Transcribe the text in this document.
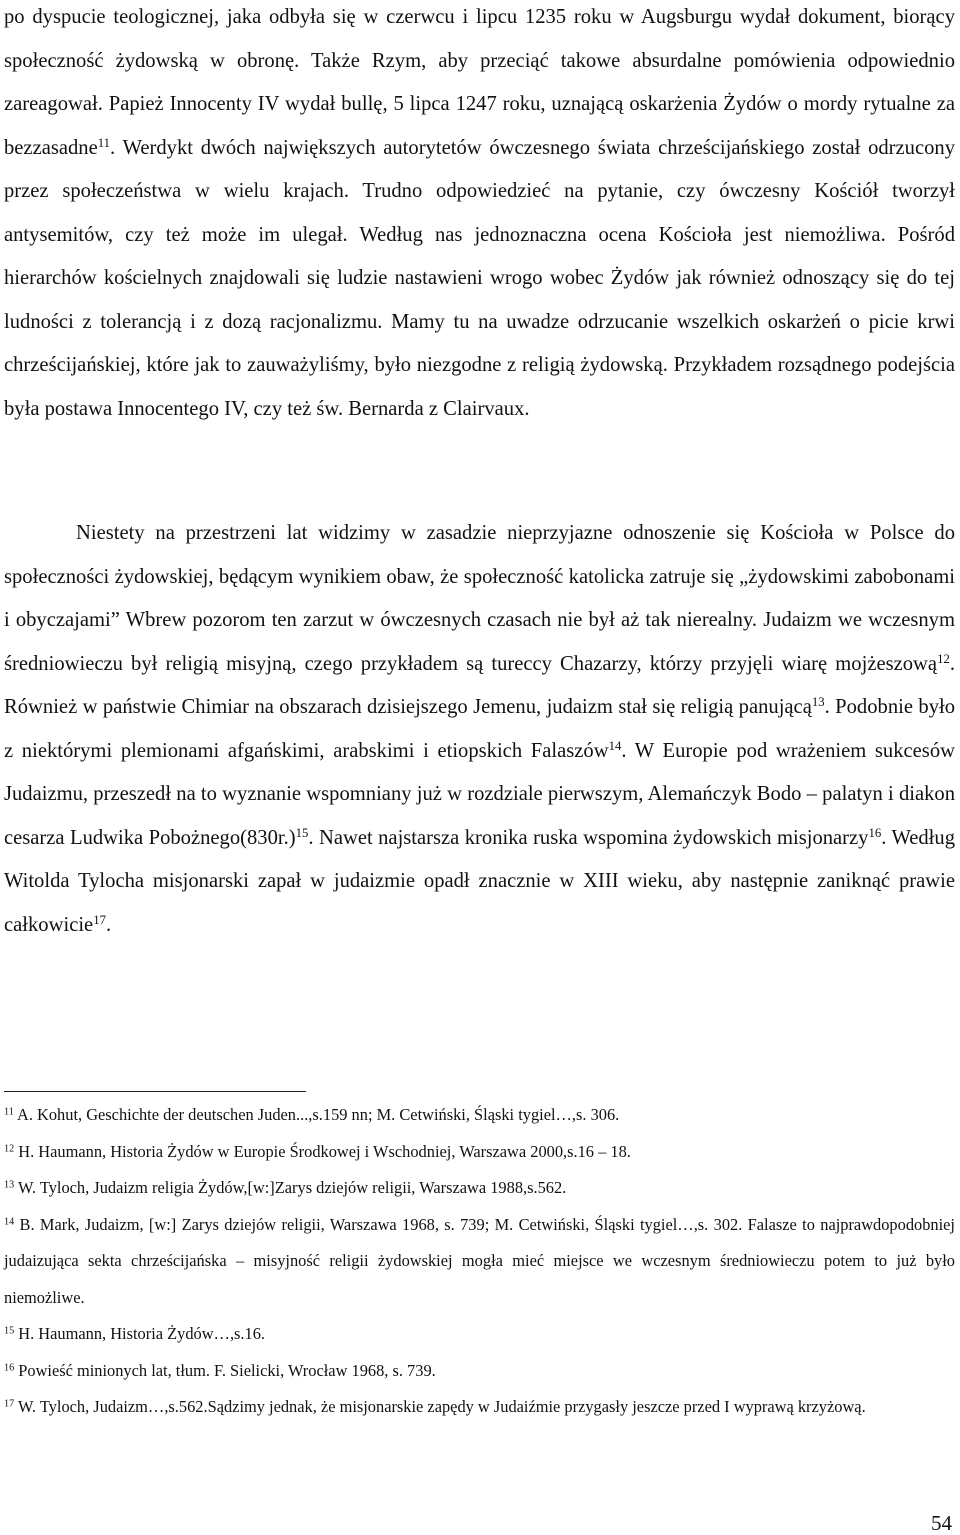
po dyspucie teologicznej, jaka odbyła się w czerwcu i lipcu 1235 roku w Augsburgu wydał dokument, biorący społeczność żydowską w obronę. Także Rzym, aby przeciąć takowe absurdalne pomówienia odpowiednio zareagował. Papież Innocenty IV wydał bullę, 5 lipca 1247 roku, uznającą oskarżenia Żydów o mordy rytualne za bezzasadne$^{11}$. Werdykt dwóch największych autorytetów ówczesnego świata chrześcijańskiego został odrzucony przez społeczeństwa w wielu krajach. Trudno odpowiedzieć na pytanie, czy ówczesny Kościół tworzył antysemitów, czy też może im ulegał. Według nas jednoznaczna ocena Kościoła jest niemożliwa. Pośród hierarchów kościelnych znajdowali się ludzie nastawieni wrogo wobec Żydów jak również odnoszący się do tej ludności z tolerancją i z dozą racjonalizmu. Mamy tu na uwadze odrzucanie wszelkich oskarżeń o picie krwi chrześcijańskiej, które jak to zauważyliśmy, było niezgodne z religią żydowską. Przykładem rozsądnego podejścia była postawa Innocentego IV, czy też św. Bernarda z Clairvaux.

Niestety na przestrzeni lat widzimy w zasadzie nieprzyjazne odnoszenie się Kościoła w Polsce do społeczności żydowskiej, będącym wynikiem obaw, że społeczność katolicka zatruje się „żydowskimi zabobonami i obyczajami” Wbrew pozorom ten zarzut w ówczesnych czasach nie był aż tak nierealny. Judaizm we wczesnym średniowieczu był religią misyjną, czego przykładem są tureccy Chazarzy, którzy przyjęli wiarę mojżeszową$^{12}$. Również w państwie Chimiar na obszarach dzisiejszego Jemenu, judaizm stał się religią panującą$^{13}$. Podobnie było z niektórymi plemionami afgańskimi, arabskimi i etiopskich Falaszów$^{14}$. W Europie pod wrażeniem sukcesów Judaizmu, przeszedł na to wyznanie wspomniany już w rozdziale pierwszym, Alemańczyk Bodo – palatyn i diakon cesarza Ludwika $Pobożnego(830r.)^{15}$. Nawet najstarsza kronika ruska wspomina żydowskich misjonarzy$^{16}$. Według Witolda Tylocha misjonarski zapał w judaizmie opadł znacznie w XIII wieku, aby następnie zaniknąć prawie całkowicie$^{17}$.

$^{11}$ A. Kohut, Geschichte der deutschen Juden...,s.159 nn; M. Cetwiński, Śląski tygiel…,s. 306.

$^{12}$ H. Haumann, Historia Żydów w Europie Środkowej i Wschodniej, Warszawa 2000,s.16 – 18.

$^{13}$ W. Tyloch, Judaizm religia Żydów,[w:]Zarys dziejów religii, Warszawa 1988,s.562.

$^{14}$ B. Mark, Judaizm, [w:] Zarys dziejów religii, Warszawa 1968, s. 739; M. Cetwiński, Śląski tygiel…,s. 302. Falasze to najprawdopodobniej judaizująca sekta chrześcijańska – misyjność religii żydowskiej mogła mieć miejsce we wczesnym średniowieczu potem to już było niemożliwe.

$^{15}$ H. Haumann, Historia Żydów…,s.16.

$^{16}$ Powieść minionych lat, tłum. F. Sielicki, Wrocław 1968, s. 739.

$^{17}$ W. Tyloch, Judaizm…,s.562.Sądzimy jednak, że misjonarskie zapędy w Judaiźmie przygasły jeszcze przed I wyprawą krzyżową.

54
